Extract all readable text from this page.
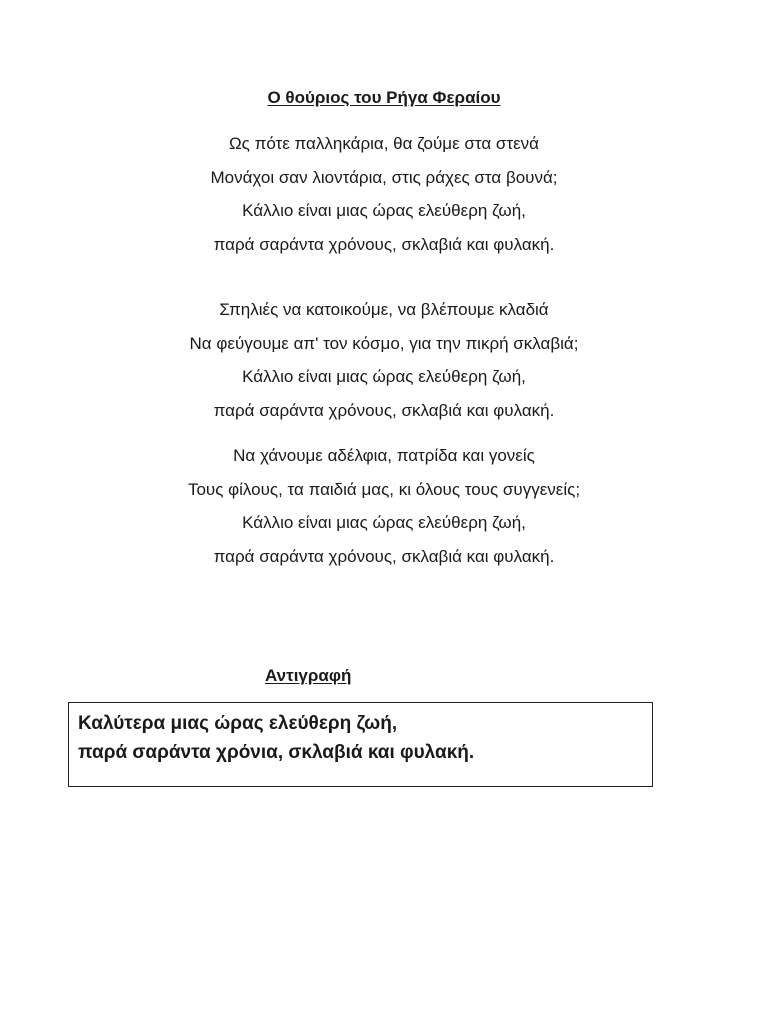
Ο θούριος του Ρήγα Φεραίου
Ως πότε παλληκάρια, θα ζούμε στα στενά
Μονάχοι σαν λιοντάρια, στις ράχες στα βουνά;
Κάλλιο είναι μιας ώρας ελεύθερη ζωή,
παρά σαράντα χρόνους, σκλαβιά και φυλακή.
Σπηλιές να κατοικούμε, να βλέπουμε κλαδιά
Να φεύγουμε απ' τον κόσμο, για την πικρή σκλαβιά;
Κάλλιο είναι μιας ώρας ελεύθερη ζωή,
παρά σαράντα χρόνους, σκλαβιά και φυλακή.
Να χάνουμε αδέλφια, πατρίδα και γονείς
Τους φίλους, τα παιδιά μας, κι όλους τους συγγενείς;
Κάλλιο είναι μιας ώρας ελεύθερη ζωή,
παρά σαράντα χρόνους, σκλαβιά και φυλακή.
Αντιγραφή
Καλύτερα μιας ώρας ελεύθερη ζωή,
παρά σαράντα χρόνια, σκλαβιά και φυλακή.
